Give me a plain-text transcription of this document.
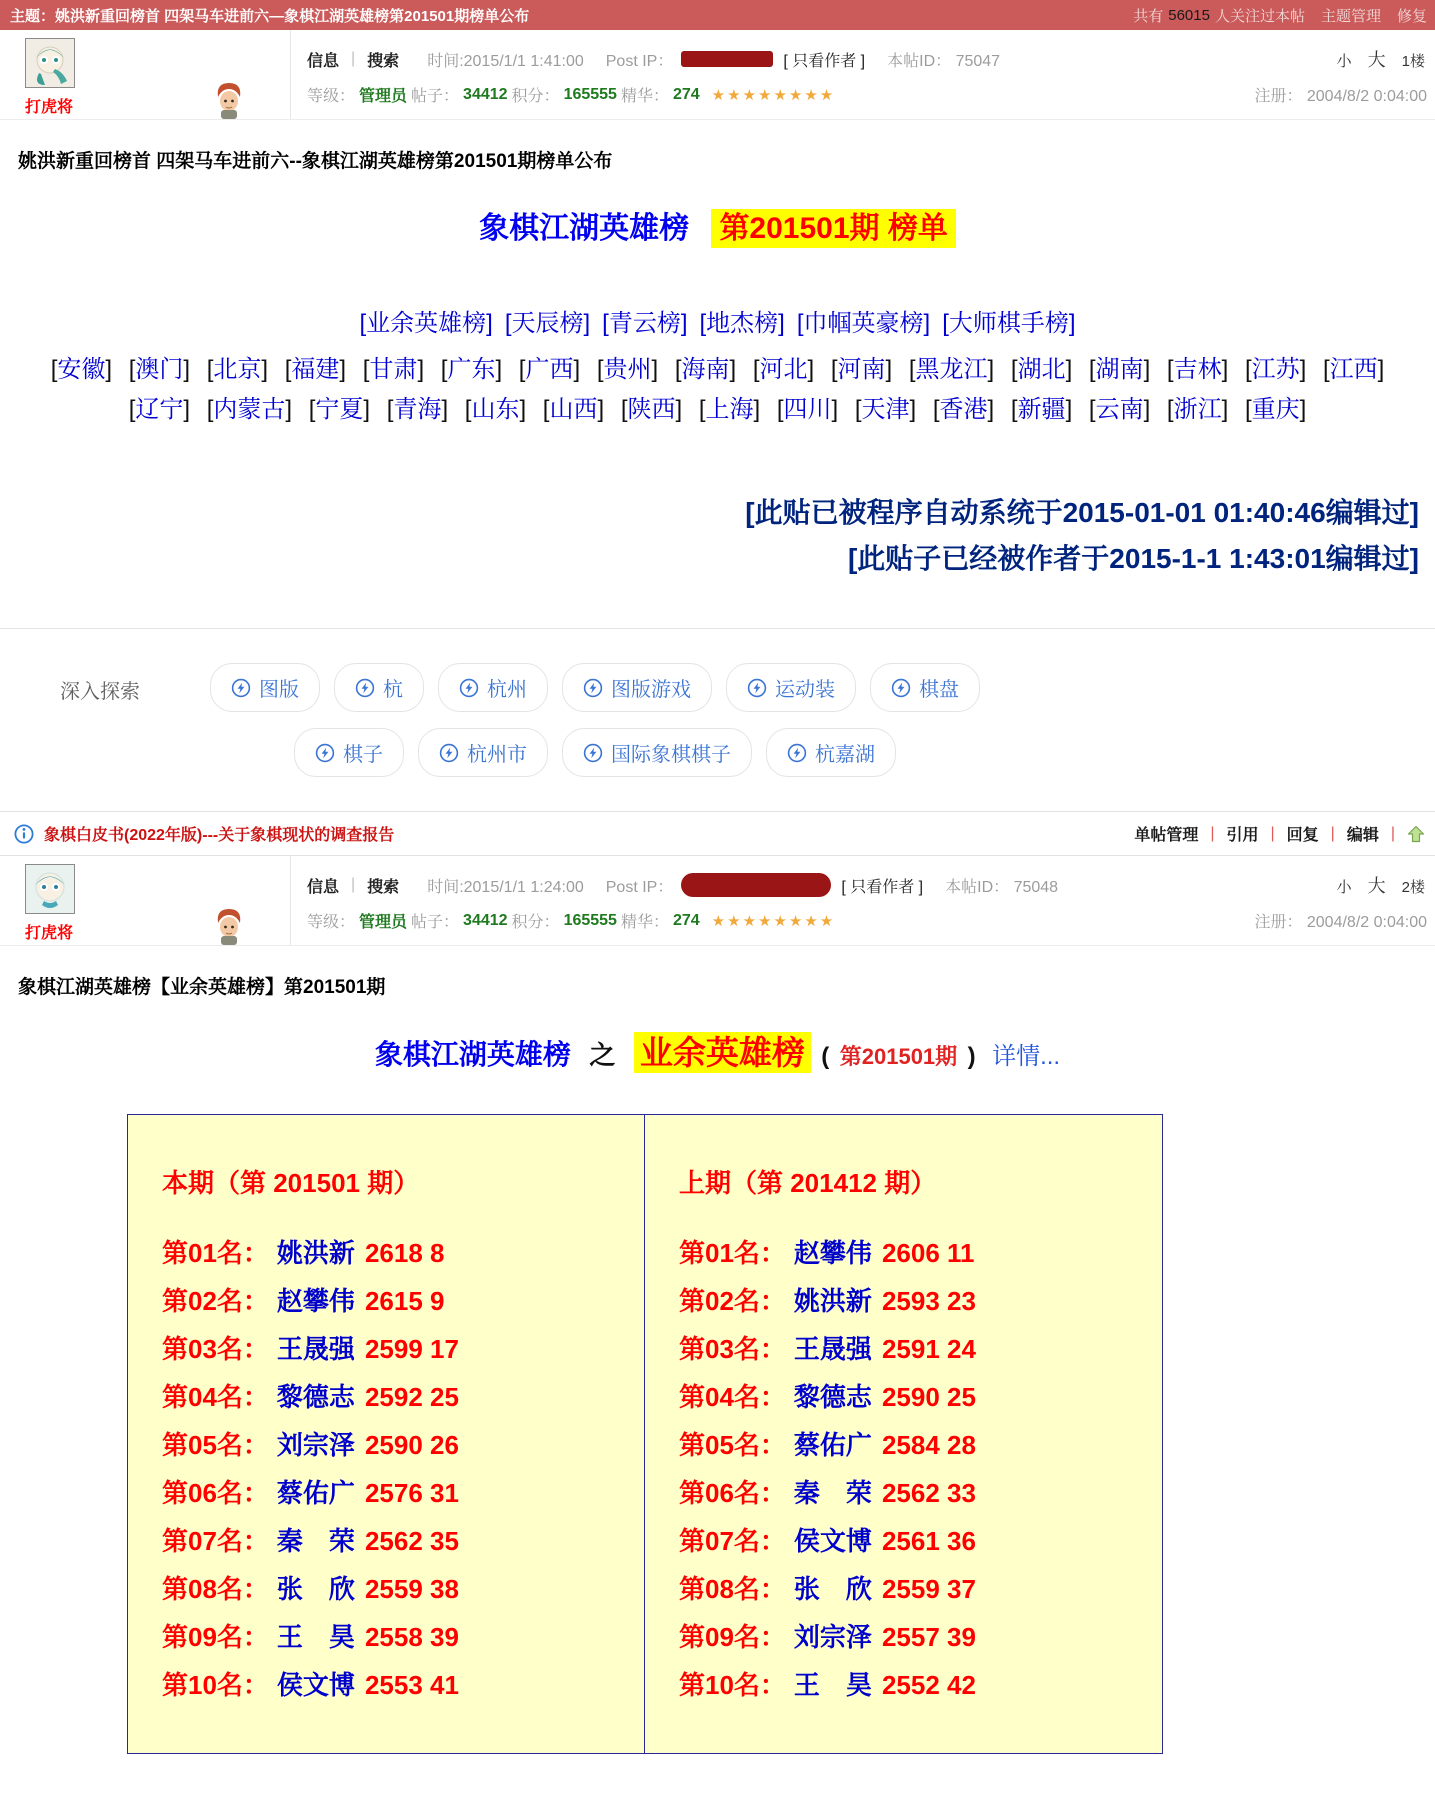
主题：姚洪新重回榜首 四架马车进前六—象棋江湖英雄榜第201501期榜单公布	共有 56015 人关注过本帖 主题管理 修复
打虎将
信息 | 搜索 时间:2015/1/1 1:41:00 Post IP：	[ 只看作者 ] 本帖ID： 75047	小 大 1楼
等级： 管理员 帖子： 34412 积分： 165555 精华： 274 ★★★★★★★★	注册： 2004/8/2 0:04:00
姚洪新重回榜首 四架马车进前六--象棋江湖英雄榜第201501期榜单公布
象棋江湖英雄榜 第201501期 榜单
[业余英雄榜] [天辰榜] [青云榜] [地杰榜] [巾帼英豪榜] [大师棋手榜]
[安徽] [澳门] [北京] [福建] [甘肃] [广东] [广西] [贵州] [海南] [河北] [河南] [黑龙江] [湖北] [湖南] [吉林] [江苏] [江西] [辽宁] [内蒙古] [宁夏] [青海] [山东] [山西] [陕西] [上海] [四川] [天津] [香港] [新疆] [云南] [浙江] [重庆]
[此贴已被程序自动系统于2015-01-01 01:40:46编辑过]
[此贴子已经被作者于2015-1-1 1:43:01编辑过]
深入探索	图版	杭	杭州	图版游戏	运动装	棋盘
棋子	杭州市	国际象棋棋子	杭嘉湖
象棋白皮书(2022年版)---关于象棋现状的调查报告	单帖管理 | 引用 | 回复 | 编辑 |
打虎将
信息 | 搜索 时间:2015/1/1 1:24:00 Post IP：	[ 只看作者 ] 本帖ID： 75048	小 大 2楼
等级： 管理员 帖子： 34412 积分： 165555 精华： 274 ★★★★★★★★	注册： 2004/8/2 0:04:00
象棋江湖英雄榜【业余英雄榜】第201501期
象棋江湖英雄榜 之 业余英雄榜 ( 第201501期 ) 详情...
本期（第 201501 期）
第01名： 姚洪新 2618 8
第02名： 赵攀伟 2615 9
第03名： 王晟强 2599 17
第04名： 黎德志 2592 25
第05名： 刘宗泽 2590 26
第06名： 蔡佑广 2576 31
第07名： 秦　荣 2562 35
第08名： 张　欣 2559 38
第09名： 王　昊 2558 39
第10名： 侯文博 2553 41
上期（第 201412 期）
第01名： 赵攀伟 2606 11
第02名： 姚洪新 2593 23
第03名： 王晟强 2591 24
第04名： 黎德志 2590 25
第05名： 蔡佑广 2584 28
第06名： 秦　荣 2562 33
第07名： 侯文博 2561 36
第08名： 张　欣 2559 37
第09名： 刘宗泽 2557 39
第10名： 王　昊 2552 42
